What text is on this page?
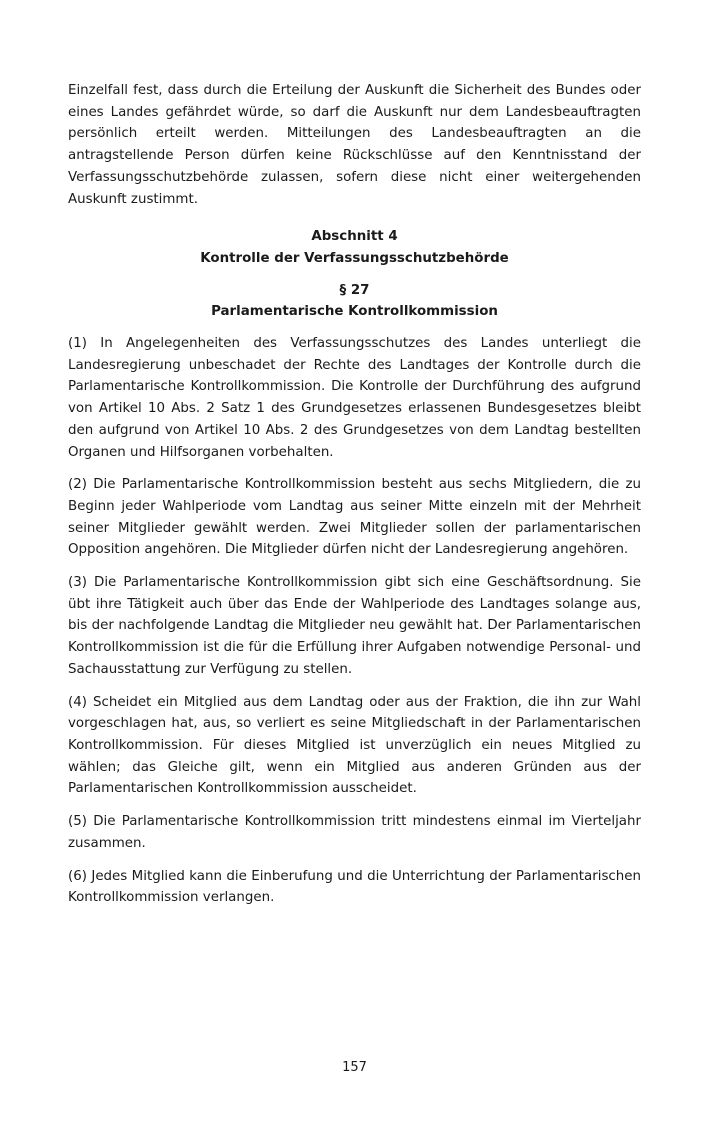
Einzelfall fest, dass durch die Erteilung der Auskunft die Sicherheit des Bundes oder eines Landes gefährdet würde, so darf die Auskunft nur dem Landesbeauftragten persönlich erteilt werden. Mitteilungen des Landesbeauftragten an die antragstellende Person dürfen keine Rückschlüsse auf den Kenntnisstand der Verfassungsschutzbehörde zulassen, sofern diese nicht einer weitergehenden Auskunft zustimmt.

Abschnitt 4

Kontrolle der Verfassungsschutzbehörde

§ 27

Parlamentarische Kontrollkommission

(1) In Angelegenheiten des Verfassungsschutzes des Landes unterliegt die Landesregierung unbeschadet der Rechte des Landtages der Kontrolle durch die Parlamentarische Kontrollkommission. Die Kontrolle der Durchführung des aufgrund von Artikel 10 Abs. 2 Satz 1 des Grundgesetzes erlassenen Bundesgesetzes bleibt den aufgrund von Artikel 10 Abs. 2 des Grundgesetzes von dem Landtag bestellten Organen und Hilfsorganen vorbehalten.

(2) Die Parlamentarische Kontrollkommission besteht aus sechs Mitgliedern, die zu Beginn jeder Wahlperiode vom Landtag aus seiner Mitte einzeln mit der Mehrheit seiner Mitglieder gewählt werden. Zwei Mitglieder sollen der parlamentarischen Opposition angehören. Die Mitglieder dürfen nicht der Landesregierung angehören.

(3) Die Parlamentarische Kontrollkommission gibt sich eine Geschäftsordnung. Sie übt ihre Tätigkeit auch über das Ende der Wahlperiode des Landtages solange aus, bis der nachfolgende Landtag die Mitglieder neu gewählt hat. Der Parlamentarischen Kontrollkommission ist die für die Erfüllung ihrer Aufgaben notwendige Personal- und Sachausstattung zur Verfügung zu stellen.

(4) Scheidet ein Mitglied aus dem Landtag oder aus der Fraktion, die ihn zur Wahl vorgeschlagen hat, aus, so verliert es seine Mitgliedschaft in der Parlamentarischen Kontrollkommission. Für dieses Mitglied ist unverzüglich ein neues Mitglied zu wählen; das Gleiche gilt, wenn ein Mitglied aus anderen Gründen aus der Parlamentarischen Kontrollkommission ausscheidet.

(5) Die Parlamentarische Kontrollkommission tritt mindestens einmal im Vierteljahr zusammen.

(6) Jedes Mitglied kann die Einberufung und die Unterrichtung der Parlamentarischen Kontrollkommission verlangen.

157
